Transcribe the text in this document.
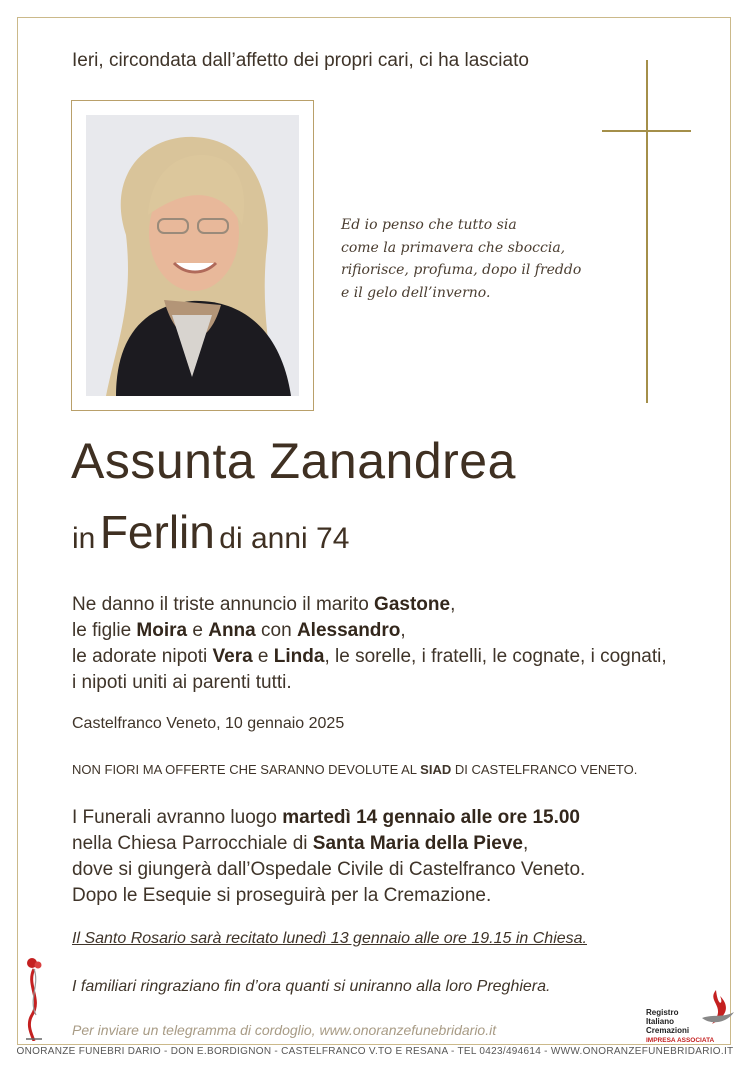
Ieri, circondata dall’affetto dei propri cari, ci ha lasciato
Ed io penso che tutto sia
come la primavera che sboccia,
rifiorisce, profuma, dopo il freddo
e il gelo dell’inverno.
Assunta Zanandrea
in Ferlin di anni 74
Ne danno il triste annuncio il marito Gastone,
le figlie Moira e Anna con Alessandro,
le adorate nipoti Vera e Linda, le sorelle, i fratelli, le cognate, i cognati,
i nipoti uniti ai parenti tutti.
Castelfranco Veneto, 10 gennaio 2025
NON FIORI MA OFFERTE CHE SARANNO DEVOLUTE AL SIAD DI CASTELFRANCO VENETO.
I Funerali avranno luogo martedì 14 gennaio alle ore 15.00
nella Chiesa Parrocchiale di Santa Maria della Pieve,
dove si giungerà dall’Ospedale Civile di Castelfranco Veneto.
Dopo le Esequie si proseguirà per la Cremazione.
Il Santo Rosario sarà recitato lunedì 13 gennaio alle ore 19.15 in Chiesa.
I familiari ringraziano fin d’ora quanti si uniranno alla loro Preghiera.
Per inviare un telegramma di cordoglio, www.onoranzefunebridario.it
Registro
Italiano
Cremazioni
IMPRESA ASSOCIATA
ONORANZE FUNEBRI DARIO - DON E.BORDIGNON - CASTELFRANCO V.TO E RESANA - TEL 0423/494614 - WWW.ONORANZEFUNEBRIDARIO.IT
